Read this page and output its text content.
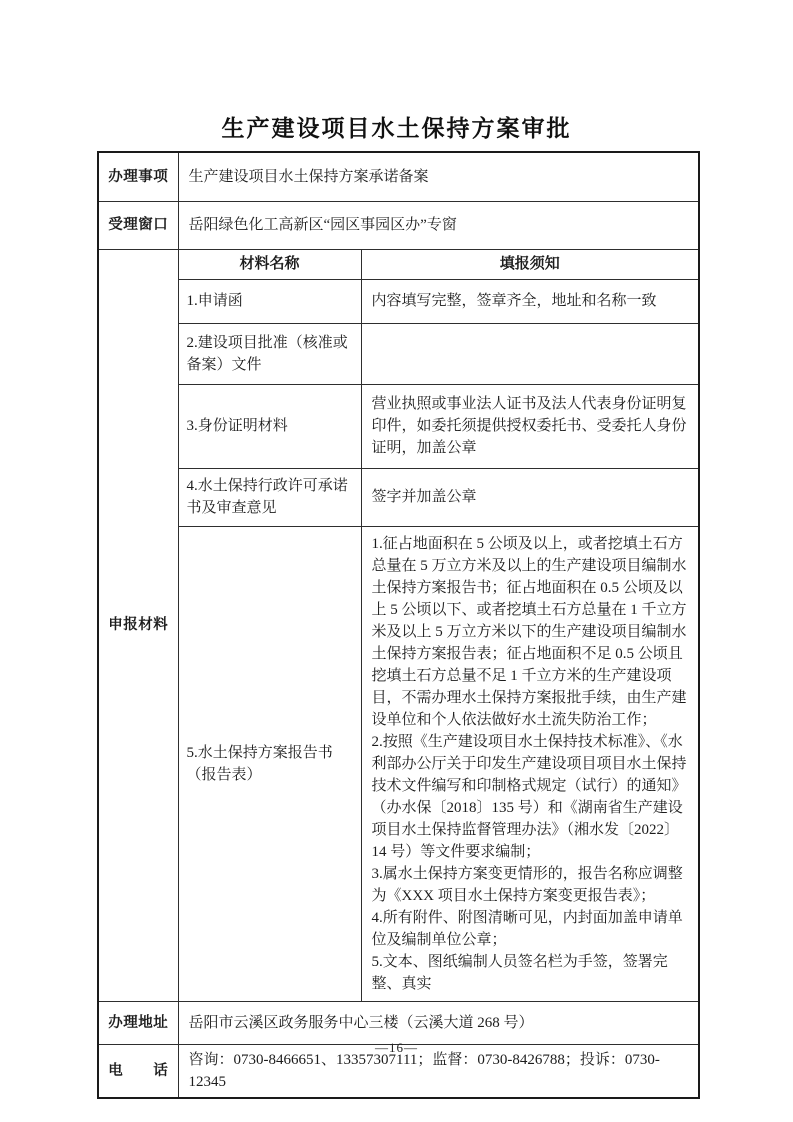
生产建设项目水土保持方案审批
办理事项	生产建设项目水土保持方案承诺备案	
受理窗口	岳阳绿色化工高新区“园区事园区办”专窗	
申报材料	材料名称	填报须知
	1.申请函	内容填写完整，签章齐全，地址和名称一致
	2.建设项目批准（核准或备案）文件	
	3.身份证明材料	营业执照或事业法人证书及法人代表身份证明复印件，如委托须提供授权委托书、受委托人身份证明，加盖公章
	4.水土保持行政许可承诺书及审查意见	签字并加盖公章
	5.水土保持方案报告书（报告表）	1.征占地面积在 5 公顷及以上，或者挖填土石方总量在 5 万立方米及以上的生产建设项目编制水土保持方案报告书；征占地面积在 0.5 公顷及以上 5 公顷以下、或者挖填土石方总量在 1 千立方米及以上 5 万立方米以下的生产建设项目编制水土保持方案报告表；征占地面积不足 0.5 公顷且挖填土石方总量不足 1 千立方米的生产建设项目，不需办理水土保持方案报批手续，由生产建设单位和个人依法做好水土流失防治工作；
2.按照《生产建设项目水土保持技术标准》、《水利部办公厅关于印发生产建设项目项目水土保持技术文件编写和印制格式规定（试行）的通知》（办水保〔2018〕135 号）和《湖南省生产建设项目水土保持监督管理办法》（湘水发〔2022〕14 号）等文件要求编制；
3.属水土保持方案变更情形的，报告名称应调整为《XXX 项目水土保持方案变更报告表》；
4.所有附件、附图清晰可见，内封面加盖申请单位及编制单位公章；
5.文本、图纸编制人员签名栏为手签，签署完整、真实

办理地址	岳阳市云溪区政务服务中心三楼（云溪大道 268 号）	
电　　话	咨询：0730-8466651、13357307111；监督：0730-8426788；投诉：0730-12345	
—16—
